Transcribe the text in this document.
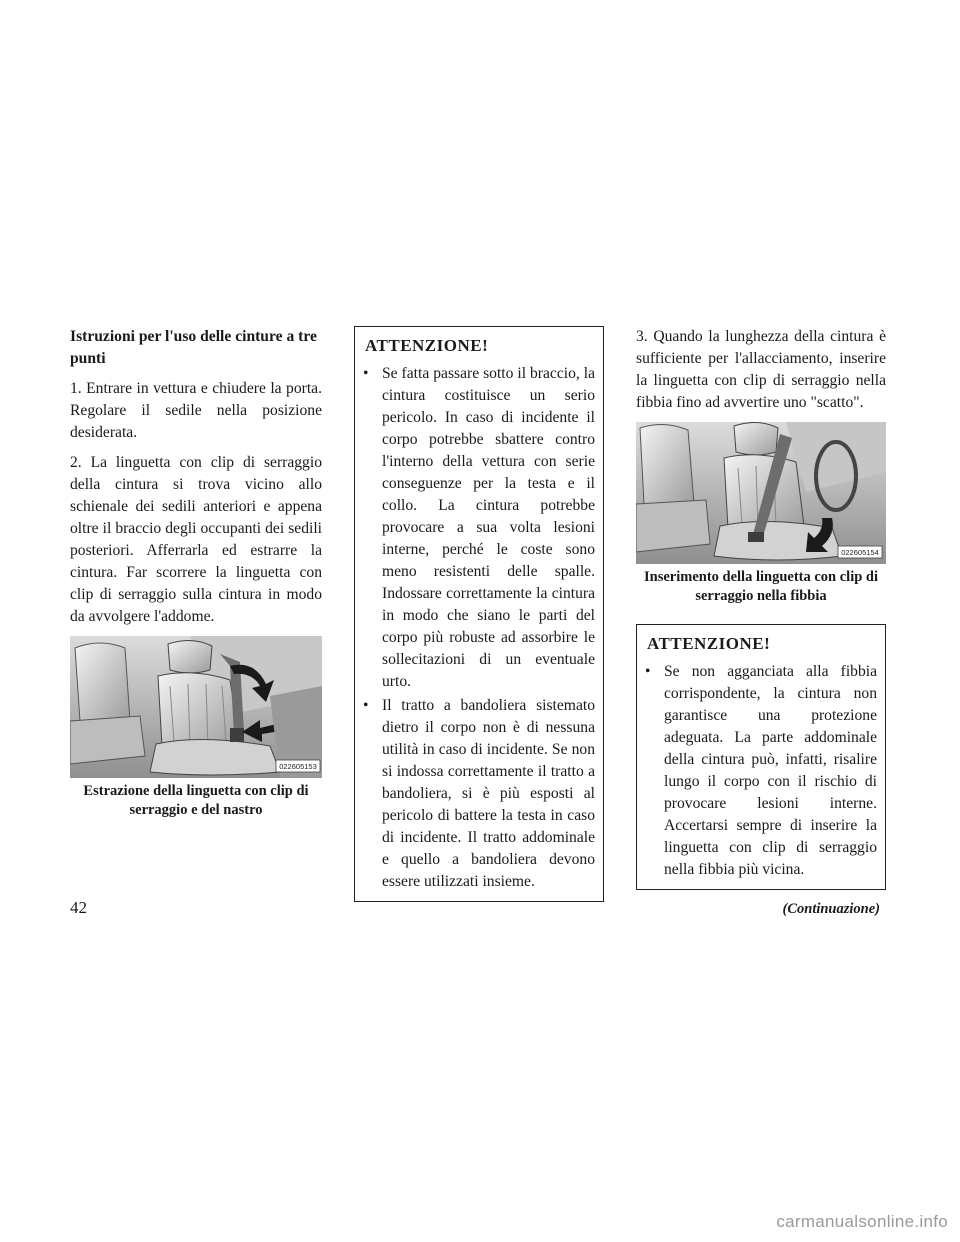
Istruzioni per l'uso delle cinture a tre punti

1. Entrare in vettura e chiudere la porta. Regolare il sedile nella posizione desiderata.

2. La linguetta con clip di serraggio della cintura si trova vicino allo schienale dei sedili anteriori e appena oltre il braccio degli occupanti dei sedili posteriori. Afferrarla ed estrarre la cintura. Far scorrere la linguetta con clip di serraggio sulla cintura in modo da avvolgere l'addome.

022605153
Estrazione della linguetta con clip di serraggio e del nastro
ATTENZIONE!
• Se fatta passare sotto il braccio, la cintura costituisce un serio pericolo. In caso di incidente il corpo potrebbe sbattere contro l'interno della vettura con serie conseguenze per la testa e il collo. La cintura potrebbe provocare a sua volta lesioni interne, perché le coste sono meno resistenti delle spalle. Indossare correttamente la cintura in modo che siano le parti del corpo più robuste ad assorbire le sollecitazioni di un eventuale urto.
• Il tratto a bandoliera sistemato dietro il corpo non è di nessuna utilità in caso di incidente. Se non si indossa correttamente il tratto a bandoliera, si è più esposti al pericolo di battere la testa in caso di incidente. Il tratto addominale e quello a bandoliera devono essere utilizzati insieme.

3. Quando la lunghezza della cintura è sufficiente per l'allacciamento, inserire la linguetta con clip di serraggio nella fibbia fino ad avvertire uno "scatto".

022605154
Inserimento della linguetta con clip di serraggio nella fibbia
ATTENZIONE!
• Se non agganciata alla fibbia corrispondente, la cintura non garantisce una protezione adeguata. La parte addominale della cintura può, infatti, risalire lungo il corpo con il rischio di provocare lesioni interne. Accertarsi sempre di inserire la linguetta con clip di serraggio nella fibbia più vicina.
(Continuazione)
42
carmanualsonline.info
